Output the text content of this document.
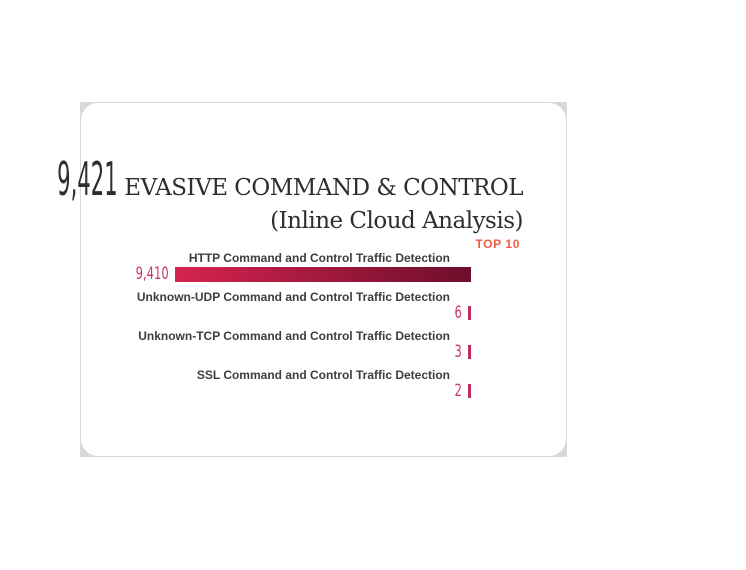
9,421 EVASIVE COMMAND & CONTROL
(Inline Cloud Analysis)
TOP 10
HTTP Command and Control Traffic Detection
9,410
Unknown-UDP Command and Control Traffic Detection
6
Unknown-TCP Command and Control Traffic Detection
3
SSL Command and Control Traffic Detection
2
